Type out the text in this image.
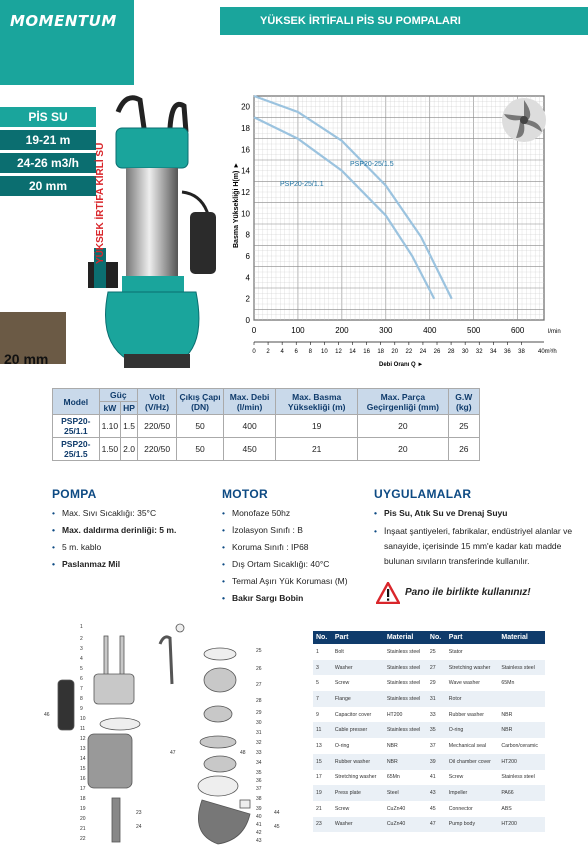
MOMENTUM	YÜKSEK İRTİFALI PİS SU POMPALARI
PİS SU
19-21 m
24-26 m3/h
20 mm	YÜKSEK İRTİFA KİRLİ SU
20 mm
0
2
4
6
8
10
12
14
16
18
20
0	100	200	300	400	500	600	l/min
0 2 4 6 8 10 12 14 16 18 20 22 24 26 28 30 32 34 36 38 40m³/h
Debi Oranı Q ►
Basma Yüksekliği H(m) ►	PSP20-25/1.5
PSP20-25/1.1
Model	Güç		Volt (V/Hz)	Çıkış Çapı (DN)	Max. Debi (l/min)	Max. Basma Yüksekliği (m)	Max. Parça Geçirgenliği (mm)	G.W (kg)
	kW	HP						
PSP20-25/1.1	1.10	1.5	220/50	50	400	19	20	25
PSP20-25/1.5	1.50	2.0	220/50	50	450	21	20	26
POMPA
• Max. Sıvı Sıcaklığı: 35°C
• Max. daldırma derinliği: 5 m.
• 5 m. kablo
• Paslanmaz Mil
MOTOR
• Monofaze 50hz
• İzolasyon Sınıfı : B
• Koruma Sınıfı : IP68
• Dış Ortam Sıcaklığı: 40°C
• Termal Aşırı Yük Koruması (M)
• Bakır Sargı Bobin
UYGULAMALAR
• Pis Su, Atık Su ve Drenaj Suyu
• İnşaat şantiyeleri, fabrikalar, endüstriyel alanlar ve sanayide, içerisinde 15 mm'e kadar katı madde bulunan sıvıların transferinde kullanılır.
Pano ile birlikte kullanınız!
25
26
27
28
29
30
31
32
33
34
35
36
37
38
39
40
41
42
43
44
45
46
47	48
1
2
3
4
5
6
7
8
9
10
11
12
13
14
15
16
17
18
19
20
21
22
23
24
No.	Part	Material	No.	Part	Material
1	Bolt	Stainless steel	25	Stator	
3	Washer	Stainless steel	27	Stretching washer	Stainless steel
5	Screw	Stainless steel	29	Wave washer	65Mn
7	Flange	Stainless steel	31	Rotor	
9	Capacitor cover	HT200	33	Rubber washer	NBR
11	Cable presser	Stainless steel	35	O-ring	NBR
13	O-ring	NBR	37	Mechanical seal	Carbon/ceramic
15	Rubber washer	NBR	39	Oil chamber cover	HT200
17	Stretching washer	65Mn	41	Screw	Stainless steel
19	Press plate	Steel	43	Impeller	PA66
21	Screw	CuZn40	45	Connector	ABS
23	Washer	CuZn40	47	Pump body	HT200
